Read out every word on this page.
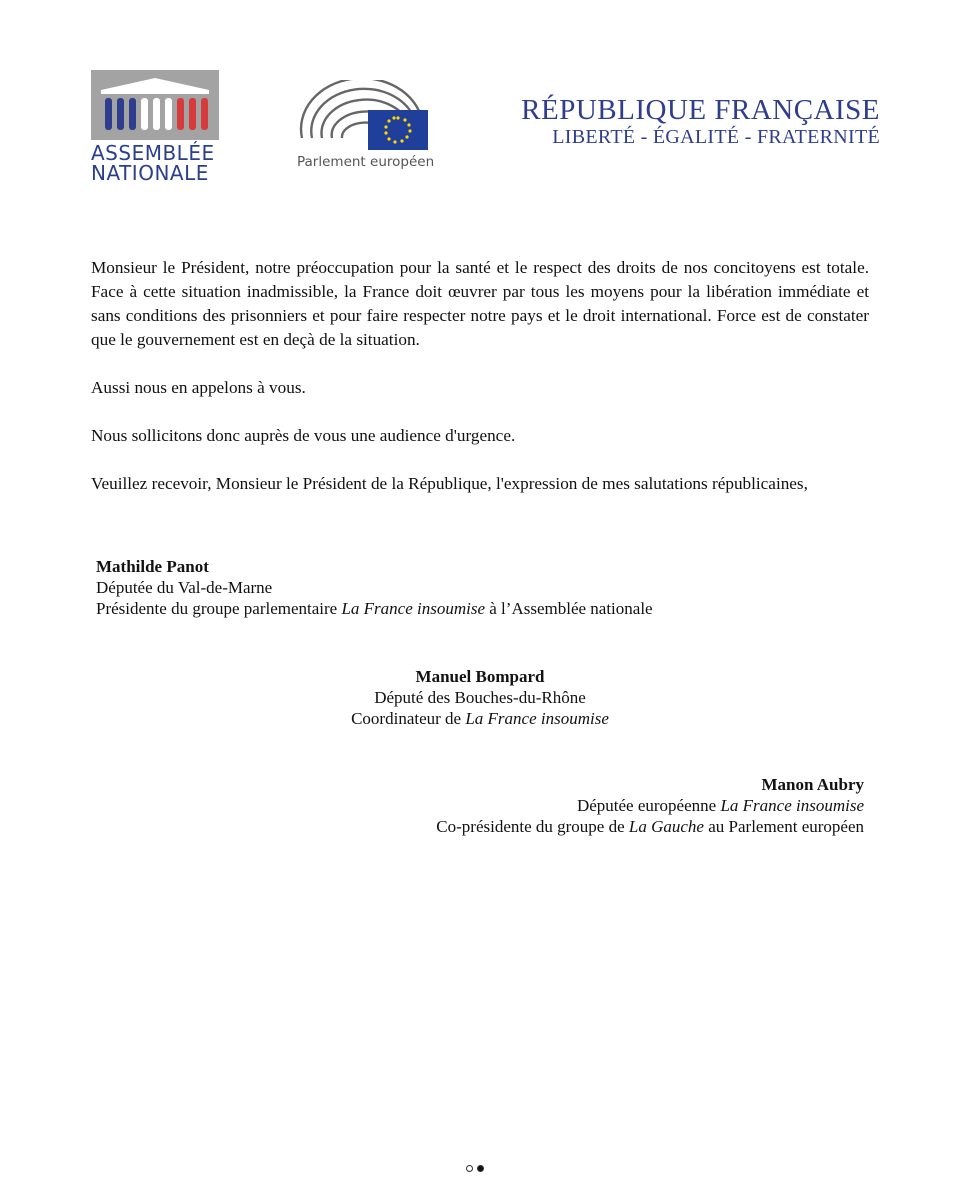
ASSEMBLÉE
NATIONALE	Parlement européen
RÉPUBLIQUE FRANÇAISE
LIBERTÉ - ÉGALITÉ - FRATERNITÉ

Monsieur le Président, notre préoccupation pour la santé et le respect des droits de nos concitoyens est totale. Face à cette situation inadmissible, la France doit œuvrer par tous les moyens pour la libération immédiate et sans conditions des prisonniers et pour faire respecter notre pays et le droit international. Force est de constater que le gouvernement est en deçà de la situation.

Aussi nous en appelons à vous.

Nous sollicitons donc auprès de vous une audience d'urgence.

Veuillez recevoir, Monsieur le Président de la République, l'expression de mes salutations républicaines,

Mathilde Panot
Députée du Val-de-Marne
Présidente du groupe parlementaire La France insoumise à l’Assemblée nationale
Manuel Bompard
Député des Bouches-du-Rhône
Coordinateur de La France insoumise
Manon Aubry
Députée européenne La France insoumise
Co-présidente du groupe de La Gauche au Parlement européen
